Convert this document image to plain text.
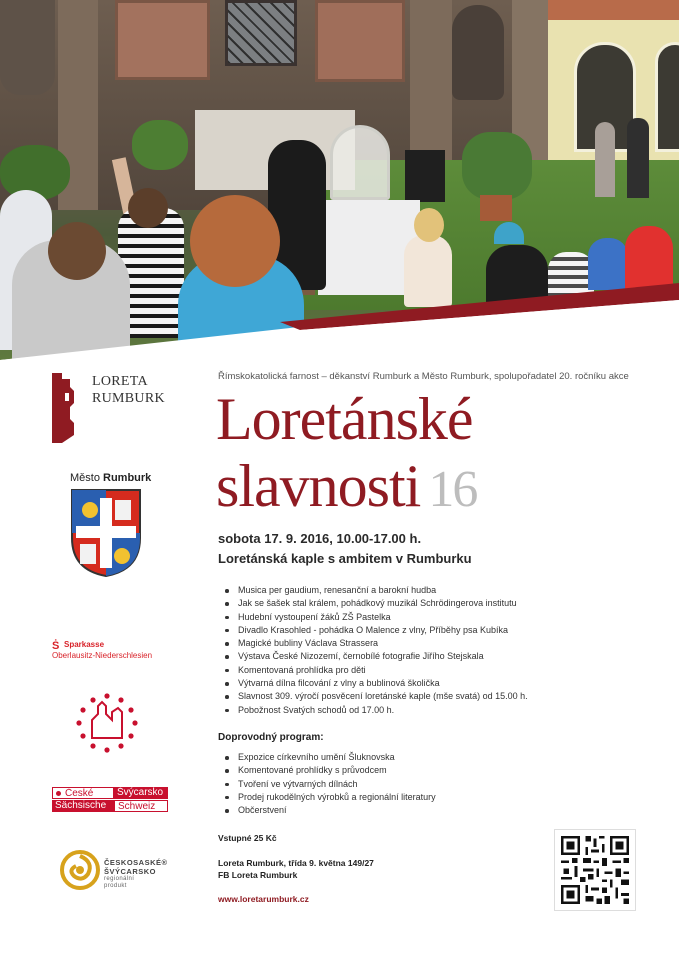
LORETA
RUMBURK
Město Rumburk
Ṡ Sparkasse
Oberlausitz-Niederschlesien
České	Švýcarsko
Sächsische	Schweiz
ČESKOSASKÉ®
ŠVÝCARSKO
regionální
produkt
Římskokatolická farnost – děkanství Rumburk a Město Rumburk, spolupořadatel 20. ročníku akce
Loretánské
slavnosti 16
sobota 17. 9. 2016, 10.00-17.00 h.
Loretánská kaple s ambitem v Rumburku
Musica per gaudium, renesanční a barokní hudba
Jak se šašek stal králem, pohádkový muzikál Schrödingerova institutu
Hudební vystoupení žáků ZŠ Pastelka
Divadlo Krasohled - pohádka O Malence z vlny, Příběhy psa Kubíka
Magické bubliny Václava Strassera
Výstava České Nizozemí, černobílé fotografie Jiřího Stejskala
Komentovaná prohlídka pro děti
Výtvarná dílna filcování z vlny a bublinová školička
Slavnost 309. výročí posvěcení loretánské kaple (mše svatá) od 15.00 h.
Pobožnost Svatých schodů od 17.00 h.
Doprovodný program:
Expozice církevního umění Šluknovska
Komentované prohlídky s průvodcem
Tvoření ve výtvarných dílnách
Prodej rukodělných výrobků a regionální literatury
Občerstvení
Vstupné 25 Kč
Loreta Rumburk, třída 9. května 149/27
FB Loreta Rumburk
www.loretarumburk.cz
